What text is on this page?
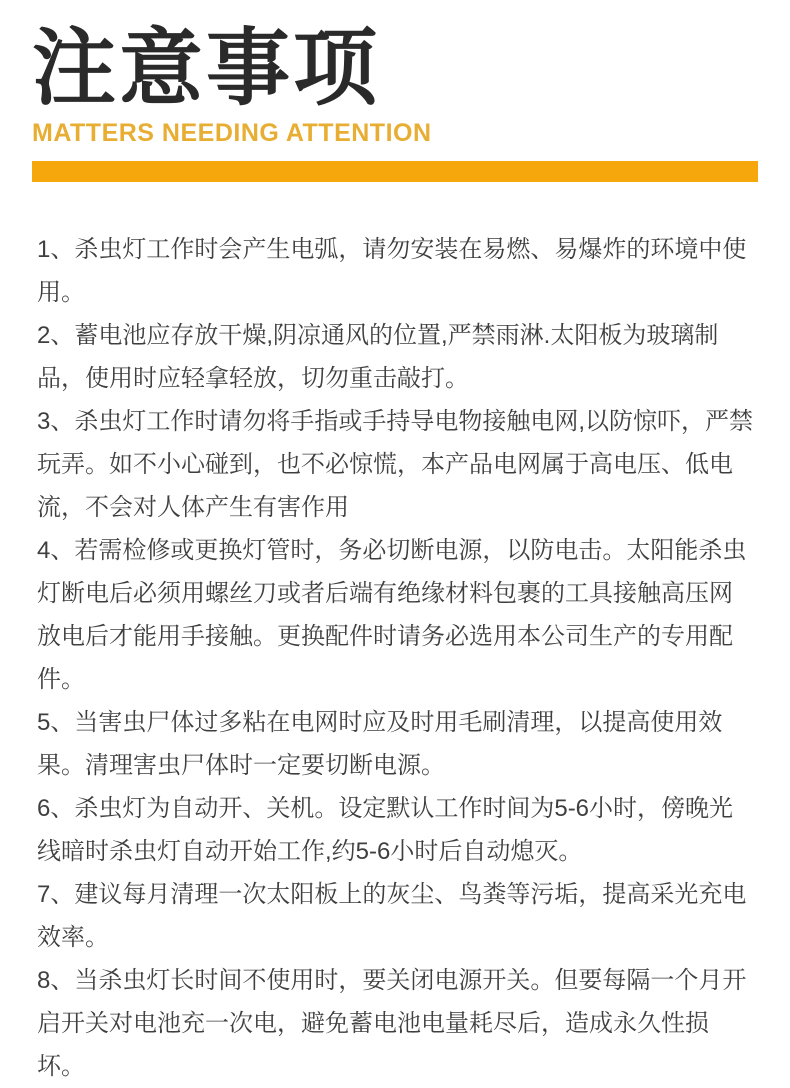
注意事项
MATTERS NEEDING ATTENTION

1、杀虫灯工作时会产生电弧，请勿安装在易燃、易爆炸的环境中使用。

2、蓄电池应存放干燥,阴凉通风的位置,严禁雨淋.太阳板为玻璃制品，使用时应轻拿轻放，切勿重击敲打。

3、杀虫灯工作时请勿将手指或手持导电物接触电网,以防惊吓，严禁玩弄。如不小心碰到，也不必惊慌，本产品电网属于高电压、低电流，不会对人体产生有害作用

4、若需检修或更换灯管时，务必切断电源，以防电击。太阳能杀虫灯断电后必须用螺丝刀或者后端有绝缘材料包裹的工具接触高压网放电后才能用手接触。更换配件时请务必选用本公司生产的专用配件。

5、当害虫尸体过多粘在电网时应及时用毛刷清理，以提高使用效果。清理害虫尸体时一定要切断电源。

6、杀虫灯为自动开、关机。设定默认工作时间为5-6小时，傍晚光线暗时杀虫灯自动开始工作,约5-6小时后自动熄灭。

7、建议每月清理一次太阳板上的灰尘、鸟粪等污垢，提高采光充电效率。

8、当杀虫灯长时间不使用时，要关闭电源开关。但要每隔一个月开启开关对电池充一次电，避免蓄电池电量耗尽后，造成永久性损坏。
